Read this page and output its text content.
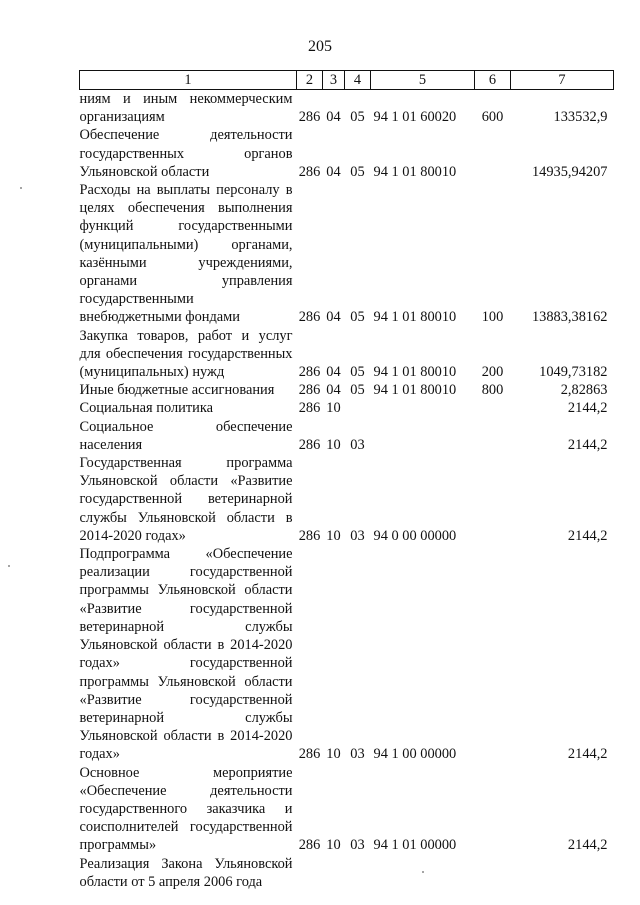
205
1	2	3	4	5	6	7
ниям и иным некоммерческим организациям	286	04	05	94 1 01 60020	600	133532,9
Обеспечение деятельности государственных органов Ульяновской области	286	04	05	94 1 01 80010		14935,94207
Расходы на выплаты персоналу в целях обеспечения выполнения функций государственными (муниципальными) органами, казёнными учреждениями, органами управления государственными внебюджетными фондами	286	04	05	94 1 01 80010	100	13883,38162
Закупка товаров, работ и услуг для обеспечения государственных (муниципальных) нужд	286	04	05	94 1 01 80010	200	1049,73182
Иные бюджетные ассигнования	286	04	05	94 1 01 80010	800	2,82863
Социальная политика	286	10				2144,2
Социальное обеспечение населения	286	10	03			2144,2
Государственная программа Ульяновской области «Развитие государственной ветеринарной службы Ульяновской области в 2014-2020 годах»	286	10	03	94 0 00 00000		2144,2
Подпрограмма «Обеспечение реализации государственной программы Ульяновской области «Развитие государственной ветеринарной службы Ульяновской области в 2014-2020 годах» государственной программы Ульяновской области «Развитие государственной ветеринарной службы Ульяновской области в 2014-2020 годах»	286	10	03	94 1 00 00000		2144,2
Основное мероприятие «Обеспечение деятельности государственного заказчика и соисполнителей государственной программы»	286	10	03	94 1 01 00000		2144,2
Реализация Закона Ульяновской области от 5 апреля 2006 года						
